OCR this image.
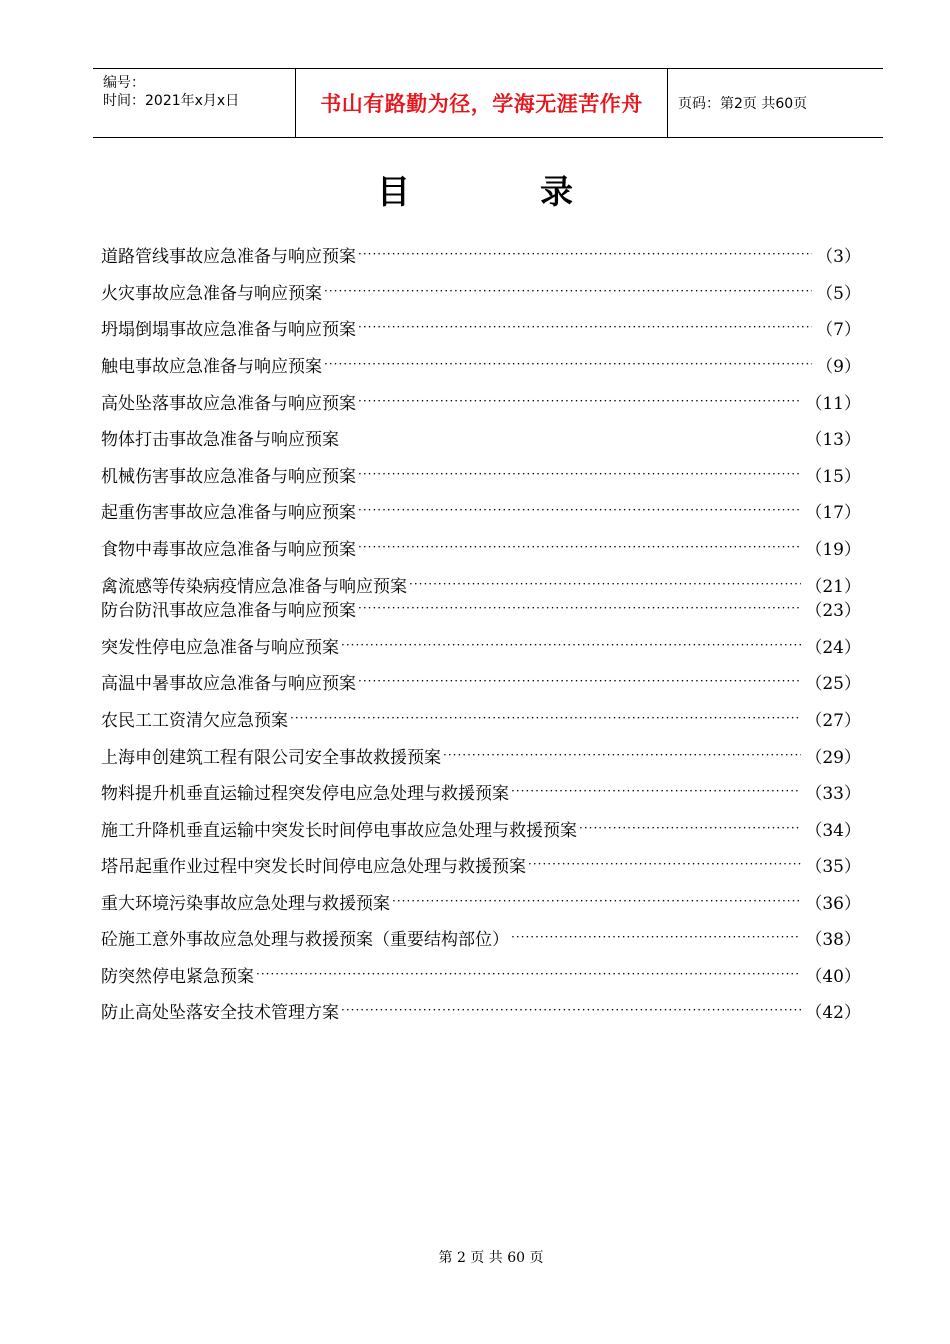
编号：
时间：2021年x月x日	书山有路勤为径，学海无涯苦作舟	页码：第2页 共60页
目	录
道路管线事故应急准备与响应预案 ·····	（3）
火灾事故应急准备与响应预案 ·····	（5）
坍塌倒塌事故应急准备与响应预案 ·····	（7）
触电事故应急准备与响应预案 ·····	（9）
高处坠落事故应急准备与响应预案 ·····	（11）
物体打击事故急准备与响应预案	（13）
机械伤害事故应急准备与响应预案 ·····	（15）
起重伤害事故应急准备与响应预案 ·····	（17）
食物中毒事故应急准备与响应预案 ·····	（19）
禽流感等传染病疫情应急准备与响应预案 ·····	（21）
防台防汛事故应急准备与响应预案 ·····	（23）
突发性停电应急准备与响应预案 ·····	（24）
高温中暑事故应急准备与响应预案 ·····	（25）
农民工工资清欠应急预案 ·····	（27）
上海申创建筑工程有限公司安全事故救援预案 ·····	（29）
物料提升机垂直运输过程突发停电应急处理与救援预案 ·····	（33）
施工升降机垂直运输中突发长时间停电事故应急处理与救援预案 ·····	（34）
塔吊起重作业过程中突发长时间停电应急处理与救援预案 ·····	（35）
重大环境污染事故应急处理与救援预案 ·····	（36）
砼施工意外事故应急处理与救援预案（重要结构部位） ·····	（38）
防突然停电紧急预案 ·····	（40）
防止高处坠落安全技术管理方案 ·····	（42）
第 2 页 共 60 页
